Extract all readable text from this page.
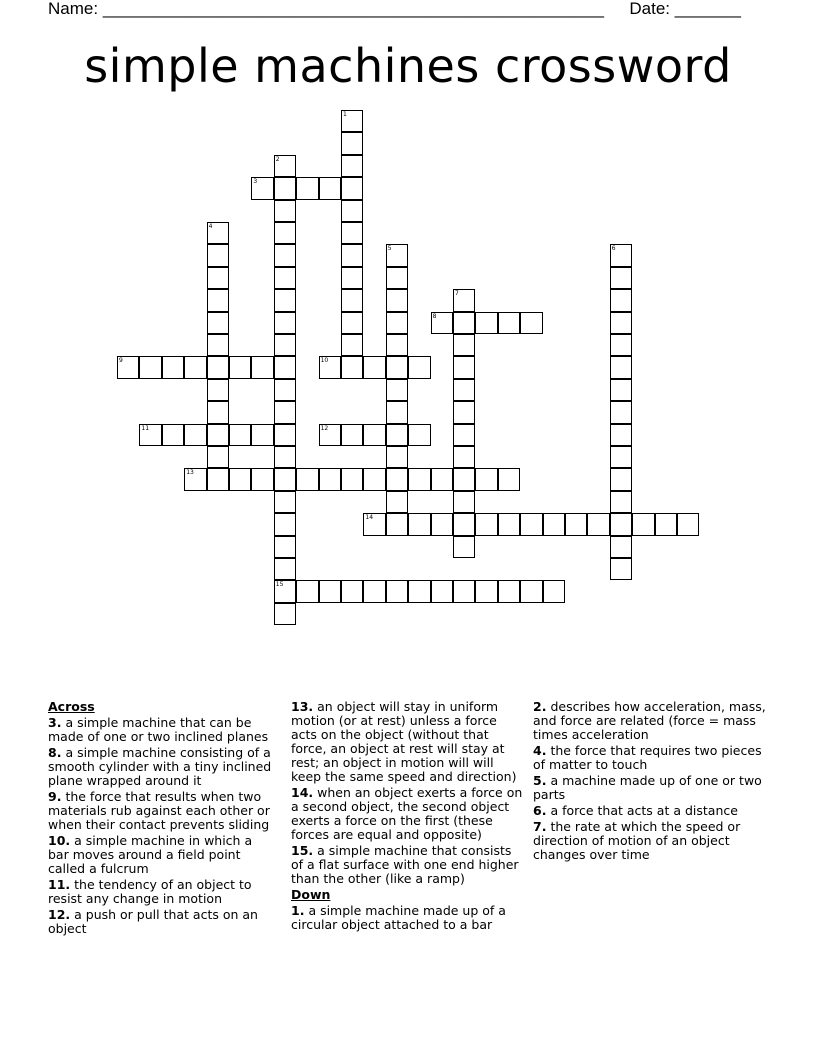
Name: _____________________________________________________ Date: _______
simple machines crossword
1
2
3
4
5	6
7
8
9	10
11	12
13
14
15
Across
3. a simple machine that can be made of one or two inclined planes
8. a simple machine consisting of a smooth cylinder with a tiny inclined plane wrapped around it
9. the force that results when two materials rub against each other or when their contact prevents sliding
10. a simple machine in which a bar moves around a field point called a fulcrum
11. the tendency of an object to resist any change in motion
12. a push or pull that acts on an object
13. an object will stay in uniform motion (or at rest) unless a force acts on the object (without that force, an object at rest will stay at rest; an object in motion will will keep the same speed and direction)
14. when an object exerts a force on a second object, the second object exerts a force on the first (these forces are equal and opposite)
15. a simple machine that consists of a flat surface with one end higher than the other (like a ramp)
Down
1. a simple machine made up of a circular object attached to a bar
2. describes how acceleration, mass, and force are related (force = mass times acceleration
4. the force that requires two pieces of matter to touch
5. a machine made up of one or two parts
6. a force that acts at a distance
7. the rate at which the speed or direction of motion of an object changes over time
